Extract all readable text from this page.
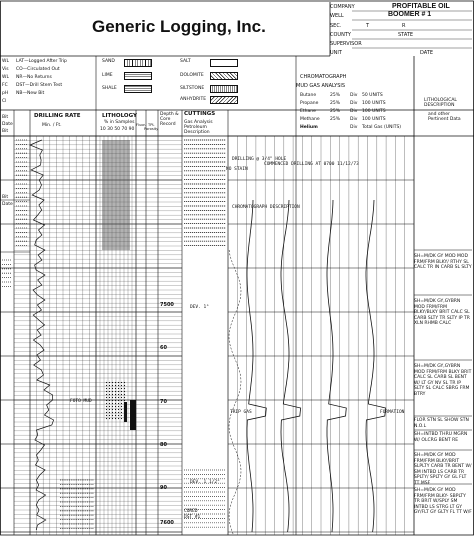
Generic Logging, Inc.
COMPANY	PROFITABLE OIL
WELL	BOOMER # 1
SEC.	T	R
COUNTY	STATE
SUPERVISOR
UNIT	DATE
WL LAT—Logged After Trip
Vis CO—Circulated Out
WL NR—No Returns
FC DST—Drill Stem Test
pH NB—New Bit
Cl
SAND	SALT
LIME	DOLOMITE
SHALE	SILTSTONE
ANHYDRITE
Bit
Date
Bit
Bit
Date
DRILLING RATE
Min. / Ft.
LITHOLOGY
% in Samples
10 30 50 70 90	Porosity
Fluor. TPL
Depth & Core Record
CUTTINGS
Gas Analysis Petroleum Description
CHROMATOGRAPH
MUD GAS ANALYSIS
Butane	25% Div 50 UNITS
Propane	25% Div 100 UNITS
Ethane	25% Div 100 UNITS
Methane 25% Div 100 UNITS
Helium	Div Total Gas (UNITS)
LITHOLOGICAL DESCRIPTION
and other Pertinent Data
7500
60
70
80
90
7600
DRILLING @ 3/4" HOLE
COMMENCED DRILLING AT 0700 11/12/73
NO STAIN
CHROMATOGRAPH DESCRIPTION
DEV. 1°
DEV. 1 1/2°
TRIP GAS	FORMATION
CORED
DST #1
FOTO MUD
SH=M/DK GY MOD MOD FRM/FRM BLKY/ RTHY SL CALC TR IN CARB SL SLTY
SH=M/DK GY,GYBRN MOD FRM/FRM BLKY/BLKY BRIT CALC SL CARB SLTY TR SLTY IP TR XLN RHMB CALC
SH=M/DK GY,GYBRN MOD FRM/FRM BLKY BRIT CALC SL CARB SL BENT W/ LT GY NV SL TR IP SLTY SL CALC SBRG FRM BTRY
FLOR STN SL SHOW STN N.O.L
SH=INTBD THRU MGRN W/ OLCRG BENT RE
SH=M/DK GY MOD FRM/FRM BLKY/BRIT SLPLTY CARB TR BENT W/ SM INTBD LS CARB TR SPLTY/ SPLTY GY GL FLT TT MSF
SH=M/DK GY MOD FRM/FRM BLKY- SBPLTY TR BRIT W/SPLY SM INTBD LS STRG LT GY GY/FLT GY GLTY FL TT W/F
